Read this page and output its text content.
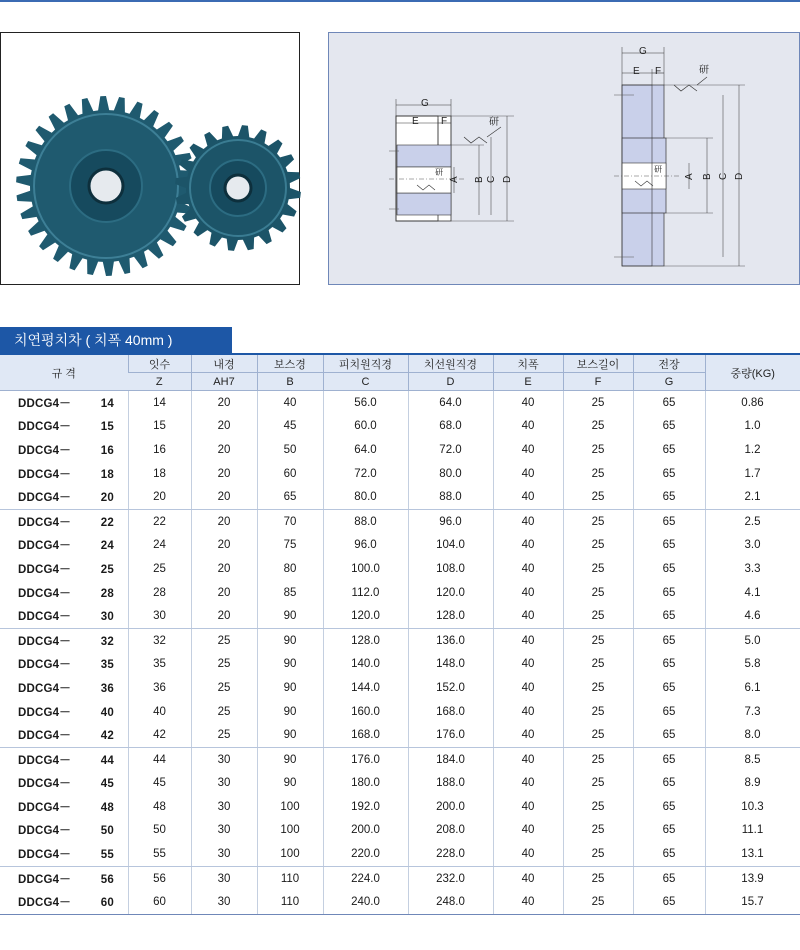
G
E F	研
研
A B C D
G
E F	研
研
A B C D
치연평치차 ( 치폭 40mm )
규 격	잇수	내경	보스경	피치원직경	치선원직경	치폭	보스길이	전장	중량(KG)
	Z	AH7	B	C	D	E	F	G	
DDCG4－ 14	14	20	40	56.0	64.0	40	25	65	0.86
DDCG4－ 15	15	20	45	60.0	68.0	40	25	65	1.0
DDCG4－ 16	16	20	50	64.0	72.0	40	25	65	1.2
DDCG4－ 18	18	20	60	72.0	80.0	40	25	65	1.7
DDCG4－ 20	20	20	65	80.0	88.0	40	25	65	2.1
DDCG4－ 22	22	20	70	88.0	96.0	40	25	65	2.5
DDCG4－ 24	24	20	75	96.0	104.0	40	25	65	3.0
DDCG4－ 25	25	20	80	100.0	108.0	40	25	65	3.3
DDCG4－ 28	28	20	85	112.0	120.0	40	25	65	4.1
DDCG4－ 30	30	20	90	120.0	128.0	40	25	65	4.6
DDCG4－ 32	32	25	90	128.0	136.0	40	25	65	5.0
DDCG4－ 35	35	25	90	140.0	148.0	40	25	65	5.8
DDCG4－ 36	36	25	90	144.0	152.0	40	25	65	6.1
DDCG4－ 40	40	25	90	160.0	168.0	40	25	65	7.3
DDCG4－ 42	42	25	90	168.0	176.0	40	25	65	8.0
DDCG4－ 44	44	30	90	176.0	184.0	40	25	65	8.5
DDCG4－ 45	45	30	90	180.0	188.0	40	25	65	8.9
DDCG4－ 48	48	30	100	192.0	200.0	40	25	65	10.3
DDCG4－ 50	50	30	100	200.0	208.0	40	25	65	11.1
DDCG4－ 55	55	30	100	220.0	228.0	40	25	65	13.1
DDCG4－ 56	56	30	110	224.0	232.0	40	25	65	13.9
DDCG4－ 60	60	30	110	240.0	248.0	40	25	65	15.7
